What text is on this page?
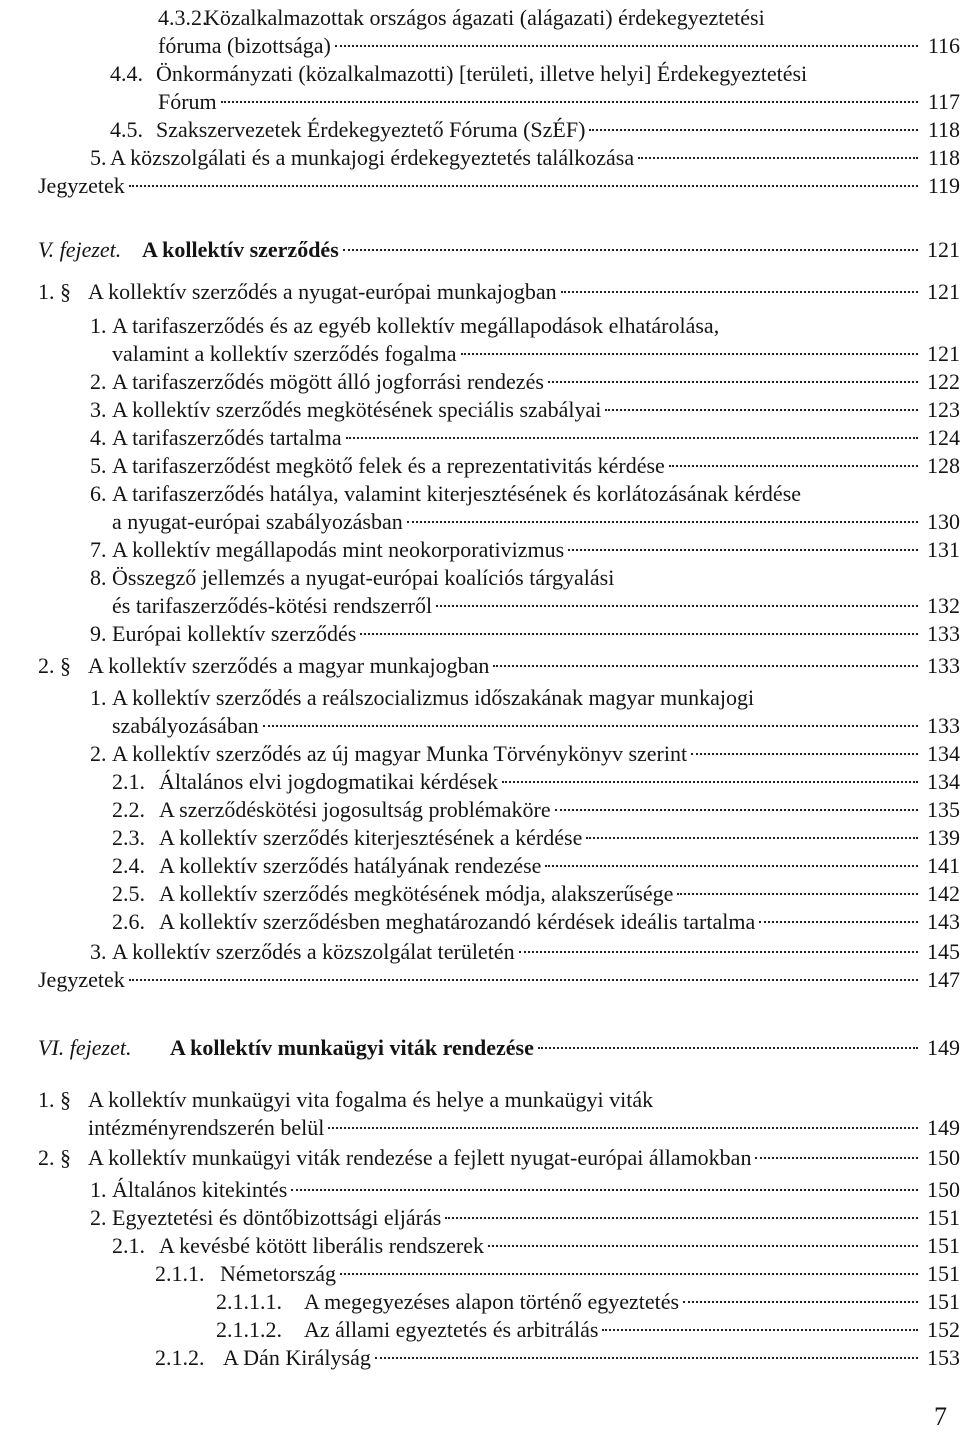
4.3.2.
Közalkalmazottak országos ágazati (alágazati) érdekegyeztetési
fóruma (bizottsága)	116
4.4. Önkormányzati (közalkalmazotti) [területi, illetve helyi] Érdekegyeztetési
Fórum	117
4.5. Szakszervezetek Érdekegyeztető Fóruma (SzÉF)	118
5. A közszolgálati és a munkajogi érdekegyeztetés találkozása	118
Jegyzetek	119
V. fejezet. A kollektív szerződés	121
1. § A kollektív szerződés a nyugat-európai munkajogban	121
1. A tarifaszerződés és az egyéb kollektív megállapodások elhatárolása,
valamint a kollektív szerződés fogalma	121
2. A tarifaszerződés mögött álló jogforrási rendezés	122
3. A kollektív szerződés megkötésének speciális szabályai	123
4. A tarifaszerződés tartalma	124
5. A tarifaszerződést megkötő felek és a reprezentativitás kérdése	128
6. A tarifaszerződés hatálya, valamint kiterjesztésének és korlátozásának kérdése
a nyugat-európai szabályozásban	130
7. A kollektív megállapodás mint neokorporativizmus	131
8. Összegző jellemzés a nyugat-európai koalíciós tárgyalási
és tarifaszerződés-kötési rendszerről	132
9. Európai kollektív szerződés	133
2. § A kollektív szerződés a magyar munkajogban	133
1. A kollektív szerződés a reálszocializmus időszakának magyar munkajogi
szabályozásában	133
2. A kollektív szerződés az új magyar Munka Törvénykönyv szerint	134
2.1. Általános elvi jogdogmatikai kérdések	134
2.2. A szerződéskötési jogosultság problémaköre	135
2.3. A kollektív szerződés kiterjesztésének a kérdése	139
2.4. A kollektív szerződés hatályának rendezése	141
2.5. A kollektív szerződés megkötésének módja, alakszerűsége	142
2.6. A kollektív szerződésben meghatározandó kérdések ideális tartalma	143
3. A kollektív szerződés a közszolgálat területén	145
Jegyzetek	147
VI. fejezet.	A kollektív munkaügyi viták rendezése	149
1. § A kollektív munkaügyi vita fogalma és helye a munkaügyi viták
intézményrendszerén belül	149
2. § A kollektív munkaügyi viták rendezése a fejlett nyugat-európai államokban	150
1. Általános kitekintés	150
2. Egyeztetési és döntőbizottsági eljárás	151
2.1. A kevésbé kötött liberális rendszerek	151
2.1.1. Németország	151
2.1.1.1.	A megegyezéses alapon történő egyeztetés	151
2.1.1.2.	Az állami egyeztetés és arbitrálás	152
2.1.2. A Dán Királyság	153
7
